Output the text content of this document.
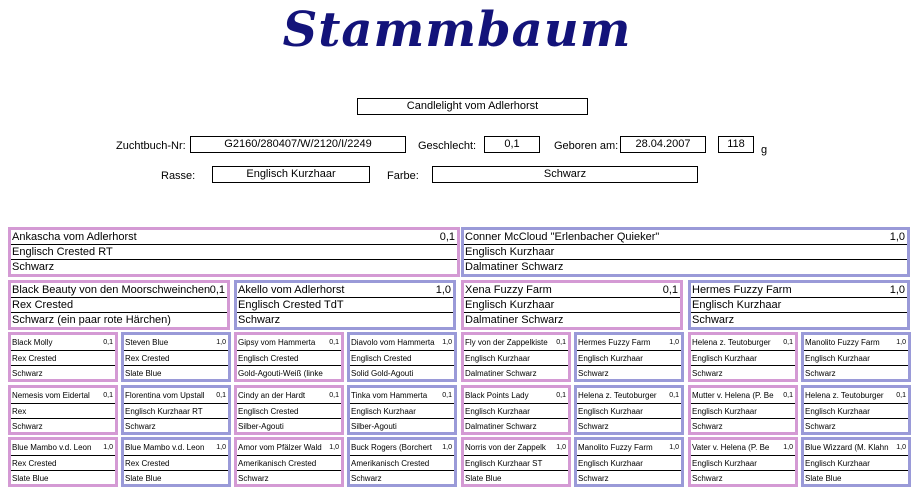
Stammbaum
Candlelight vom Adlerhorst
Zuchtbuch-Nr:	G2160/280407/W/2120/I/2249	Geschlecht:	0,1	Geboren am:	28.04.2007	118	g
Rasse:	Englisch Kurzhaar	Farbe:	Schwarz
Ankascha vom Adlerhorst	0,1
Englisch Crested RT
Schwarz
Conner McCloud "Erlenbacher Quieker"	1,0
Englisch Kurzhaar
Dalmatiner Schwarz
Black Beauty von den Moorschweinchen 0,1
Rex Crested
Schwarz (ein paar rote Härchen)
Akello vom Adlerhorst	1,0
Englisch Crested TdT
Schwarz
Xena Fuzzy Farm	0,1
Englisch Kurzhaar
Dalmatiner Schwarz
Hermes Fuzzy Farm	1,0
Englisch Kurzhaar
Schwarz
Black Molly	0,1
Rex Crested
Schwarz
Steven Blue	1,0
Rex Crested
Slate Blue
Gipsy vom Hammerta 0,1
Englisch Crested
Gold-Agouti-Weiß (linke
Diavolo vom Hammerta 1,0
Englisch Crested
Solid Gold-Agouti
Fly von der Zappelkiste 0,1
Englisch Kurzhaar
Dalmatiner Schwarz
Hermes Fuzzy Farm	1,0
Englisch Kurzhaar
Schwarz
Helena z. Teutoburger 0,1
Englisch Kurzhaar
Schwarz
Manolito Fuzzy Farm 1,0
Englisch Kurzhaar
Schwarz
Nemesis vom Eidertal 0,1
Rex
Schwarz
Florentina vom Upstall 0,1
Englisch Kurzhaar RT
Schwarz
Cindy an der Hardt	0,1
Englisch Crested
Silber-Agouti
Tinka vom Hammerta 0,1
Englisch Kurzhaar
Silber-Agouti
Black Points Lady	0,1
Englisch Kurzhaar
Dalmatiner Schwarz
Helena z. Teutoburger 0,1
Englisch Kurzhaar
Schwarz
Mutter v. Helena (P. Be 0,1
Englisch Kurzhaar
Schwarz
Helena z. Teutoburger 0,1
Englisch Kurzhaar
Schwarz
Blue Mambo v.d. Leon 1,0
Rex Crested
Slate Blue
Blue Mambo v.d. Leon 1,0
Rex Crested
Slate Blue
Amor vom Pfälzer Wald 1,0
Amerikanisch Crested
Schwarz
Buck Rogers (Borchert 1,0
Amerikanisch Crested
Schwarz
Norris von der Zappelk 1,0
Englisch Kurzhaar ST
Slate Blue
Manolito Fuzzy Farm 1,0
Englisch Kurzhaar
Schwarz
Vater v. Helena (P. Be 1,0
Englisch Kurzhaar
Schwarz
Blue Wizzard (M. Klahn 1,0
Englisch Kurzhaar
Slate Blue
